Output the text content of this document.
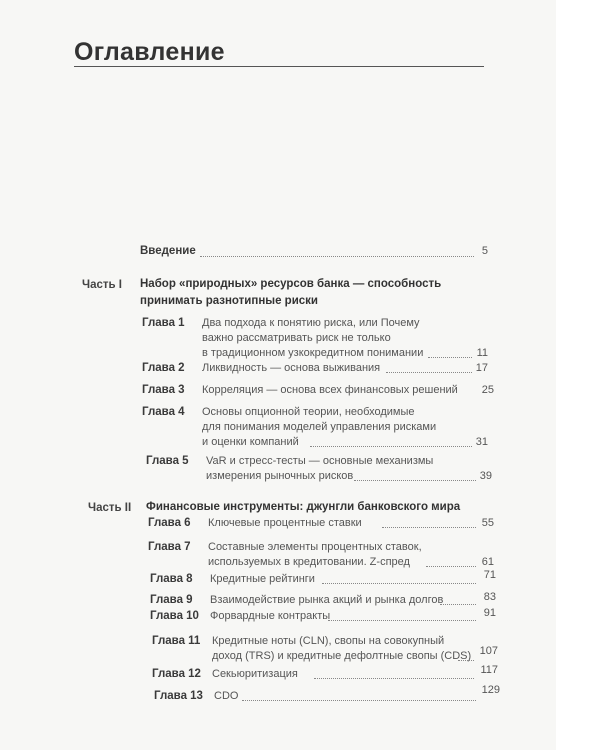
Оглавление
Введение	5
Часть I Набор «природных» ресурсов банка — способность
принимать разнотипные риски
Глава 1 Два подхода к понятию риска, или Почему
важно рассматривать риск не только
в традиционном узкокредитном понимании	11
Глава 2 Ликвидность — основа выживания	17
Глава 3 Корреляция — основа всех финансовых решений 25
Глава 4 Основы опционной теории, необходимые
для понимания моделей управления рисками
и оценки компаний	31
Глава 5 VaR и стресс-тесты — основные механизмы
измерения рыночных рисков	39
Часть II Финансовые инструменты: джунгли банковского мира
Глава 6 Ключевые процентные ставки	55
Глава 7 Составные элементы процентных ставок,
используемых в кредитовании. Z-спред	61
Глава 8 Кредитные рейтинги	71
Глава 9 Взаимодействие рынка акций и рынка долгов	83
Глава 10 Форвардные контракты	91
Глава 11 Кредитные ноты (CLN), свопы на совокупный
доход (TRS) и кредитные дефолтные свопы (CDS) 107
Глава 12 Секьюритизация	117
Глава 13 CDO	129
